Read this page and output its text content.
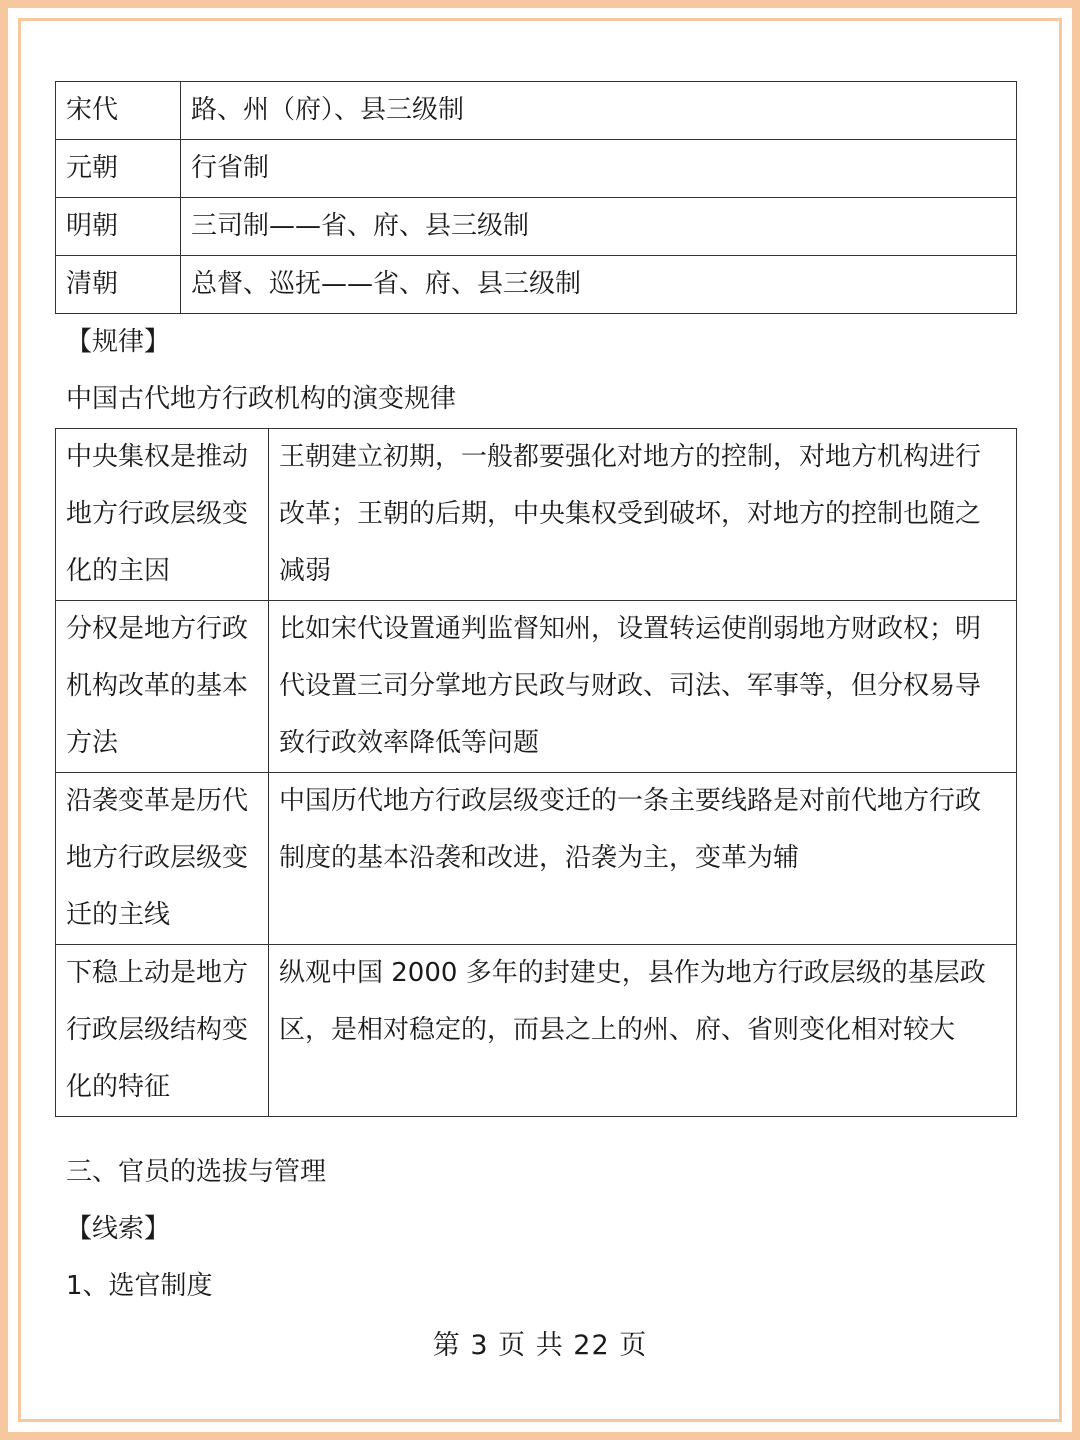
宋代	路、州（府）、县三级制
元朝	行省制
明朝	三司制——省、府、县三级制
清朝	总督、巡抚——省、府、县三级制
【规律】
中国古代地方行政机构的演变规律
中央集权是推动地方行政层级变化的主因	王朝建立初期，一般都要强化对地方的控制，对地方机构进行改革；王朝的后期，中央集权受到破坏，对地方的控制也随之减弱
分权是地方行政机构改革的基本方法	比如宋代设置通判监督知州，设置转运使削弱地方财政权；明代设置三司分掌地方民政与财政、司法、军事等，但分权易导致行政效率降低等问题
沿袭变革是历代地方行政层级变迁的主线	中国历代地方行政层级变迁的一条主要线路是对前代地方行政制度的基本沿袭和改进，沿袭为主，变革为辅
下稳上动是地方行政层级结构变化的特征	纵观中国 2000 多年的封建史，县作为地方行政层级的基层政区，是相对稳定的，而县之上的州、府、省则变化相对较大
三、官员的选拔与管理
【线索】
1、选官制度
第 3 页 共 22 页
